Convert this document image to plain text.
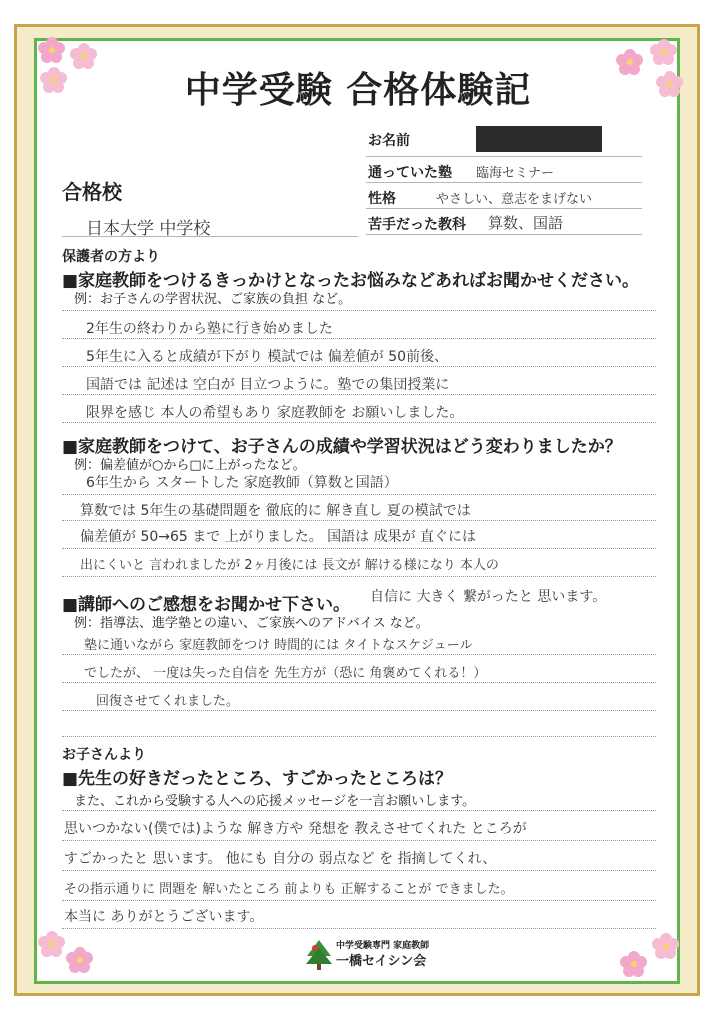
中学受験 合格体験記
お名前
通っていた塾 臨海セミナー
性格	やさしい、意志をまげない
苦手だった教科 算数、国語
合格校
日本大学 中学校
保護者の方より
■家庭教師をつけるきっかけとなったお悩みなどあればお聞かせください。
例：お子さんの学習状況、ご家族の負担 など。
2年生の終わりから塾に行き始めました
5年生に入ると成績が下がり 模試では 偏差値が 50前後、
国語では 記述は 空白が 目立つように。塾での集団授業に
限界を感じ 本人の希望もあり 家庭教師を お願いしました。
■家庭教師をつけて、お子さんの成績や学習状況はどう変わりましたか？
例：偏差値が○から□に上がったなど。
6年生から スタートした 家庭教師（算数と国語）
算数では 5年生の基礎問題を 徹底的に 解き直し 夏の模試では
偏差値が 50→65 まで 上がりました。 国語は 成果が 直ぐには
出にくいと 言われましたが 2ヶ月後には 長文が 解ける様になり 本人の
■講師へのご感想をお聞かせ下さい。 自信に 大きく 繋がったと 思います。
例：指導法、進学塾との違い、ご家族へのアドバイス など。
塾に通いながら 家庭教師をつけ 時間的には タイトなスケジュール
でしたが、 一度は失った自信を 先生方が（恐に 角褒めてくれる！）
回復させてくれました。
お子さんより
■先生の好きだったところ、すごかったところは？
また、これから受験する人への応援メッセージを一言お願いします。
思いつかない(僕では)ような 解き方や 発想を 教えさせてくれた ところが
すごかったと 思います。 他にも 自分の 弱点など を 指摘してくれ、
その指示通りに 問題を 解いたところ 前よりも 正解することが できました。
本当に ありがとうございます。
中学受験専門 家庭教師
一橋セイシン会
